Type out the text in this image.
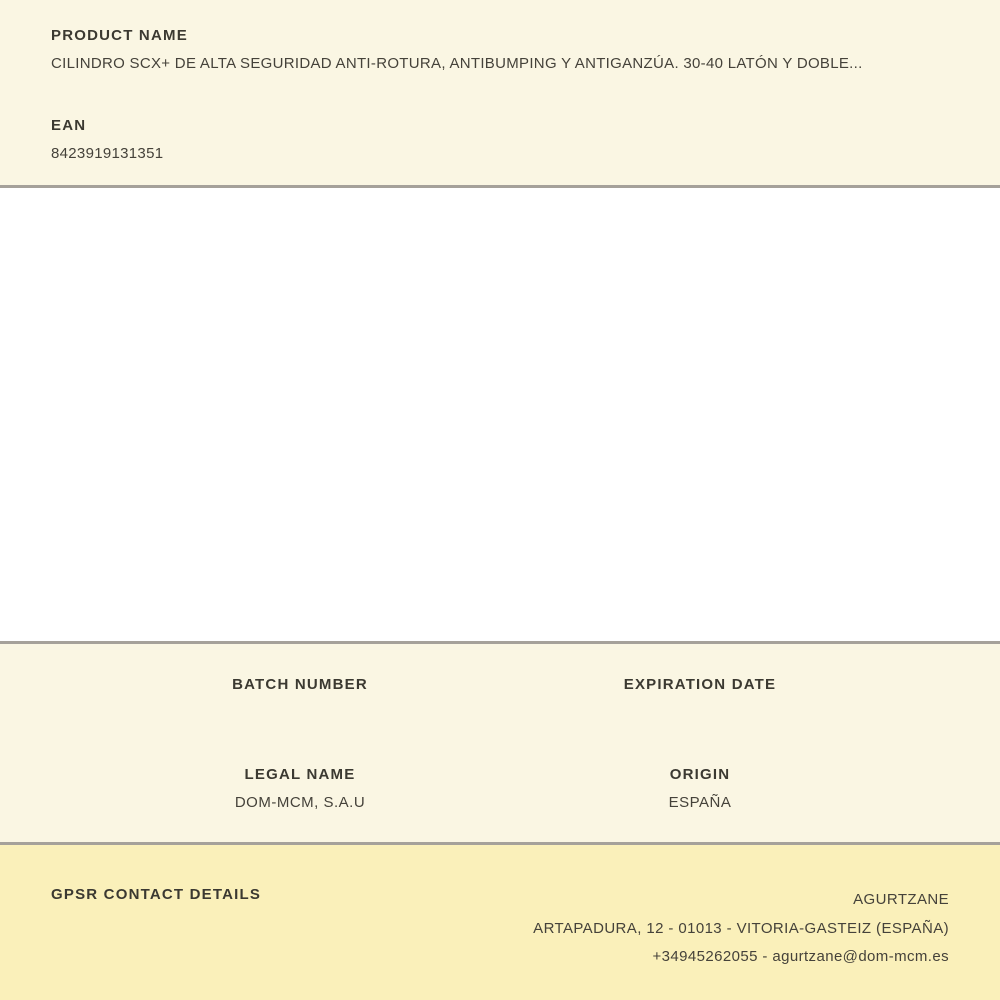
PRODUCT NAME
CILINDRO SCX+ DE ALTA SEGURIDAD ANTI-ROTURA, ANTIBUMPING Y ANTIGANZÚA. 30-40 LATÓN Y DOBLE...
EAN
8423919131351
BATCH NUMBER	EXPIRATION DATE
LEGAL NAME
DOM-MCM, S.A.U
ORIGIN
ESPAÑA
GPSR CONTACT DETAILS	AGURTZANE
ARTAPADURA, 12 - 01013 - VITORIA-GASTEIZ (ESPAÑA)
+34945262055 - agurtzane@dom-mcm.es
